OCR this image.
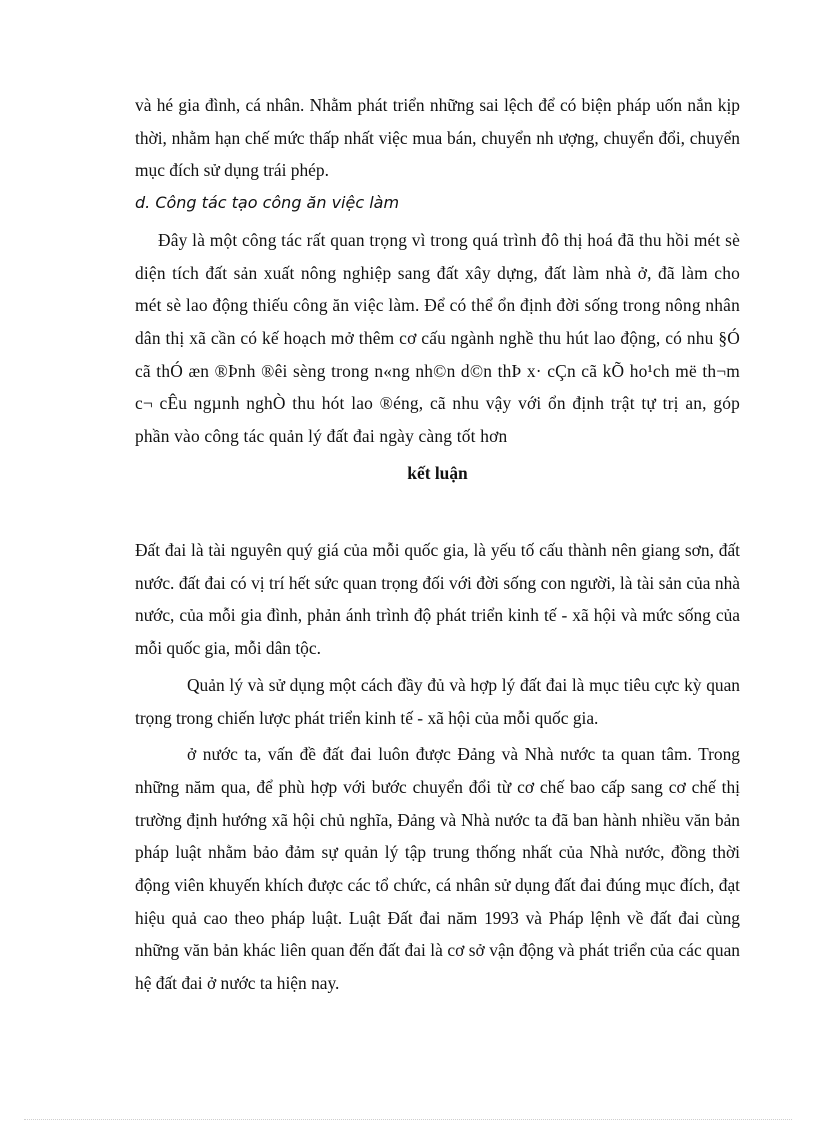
và hé gia đình, cá nhân. Nhằm phát triển những sai lệch để có biện pháp uốn nắn kịp thời, nhằm hạn chế mức thấp nhất việc mua bán, chuyển nh ượng, chuyển đổi, chuyển mục đích sử dụng trái phép.

d. Công tác tạo công ăn việc làm

Đây là một công tác rất quan trọng vì trong quá trình đô thị hoá đã thu hồi mét sè diện tích đất sản xuất nông nghiệp sang đất xây dựng, đất làm nhà ở, đã làm cho mét sè lao động thiếu công ăn việc làm. Để có thể ổn định đời sống trong nông nhân dân thị xã cần có kế hoạch mở thêm cơ cấu ngành nghề thu hút lao động, có nhu §Ó cã thÓ æn ®Þnh ®êi sèng trong n«ng nh©n d©n thÞ x· cÇn cã kÕ ho¹ch më th¬m c¬ cÊu ngµnh nghÒ thu hót lao ®éng, cã nhu vậy với ổn định trật tự trị an, góp phần vào công tác quản lý đất đai ngày càng tốt hơn

kết luận

Đất đai là tài nguyên quý giá của mỗi quốc gia, là yếu tố cấu thành nên giang sơn, đất nước. đất đai có vị trí hết sức quan trọng đối với đời sống con người, là tài sản của nhà nước, của mỗi gia đình, phản ánh trình độ phát triển kinh tế - xã hội và mức sống của mỗi quốc gia, mỗi dân tộc.

Quản lý và sử dụng một cách đầy đủ và hợp lý đất đai là mục tiêu cực kỳ quan trọng trong chiến lược phát triển kinh tế - xã hội của mỗi quốc gia.

ở nước ta, vấn đề đất đai luôn được Đảng và Nhà nước ta quan tâm. Trong những năm qua, để phù hợp với bước chuyển đổi từ cơ chế bao cấp sang cơ chế thị trường định hướng xã hội chủ nghĩa, Đảng và Nhà nước ta đã ban hành nhiều văn bản pháp luật nhằm bảo đảm sự quản lý tập trung thống nhất của Nhà nước, đồng thời động viên khuyến khích được các tổ chức, cá nhân sử dụng đất đai đúng mục đích, đạt hiệu quả cao theo pháp luật. Luật Đất đai năm 1993 và Pháp lệnh về đất đai cùng những văn bản khác liên quan đến đất đai là cơ sở vận động và phát triển của các quan hệ đất đai ở nước ta hiện nay.
